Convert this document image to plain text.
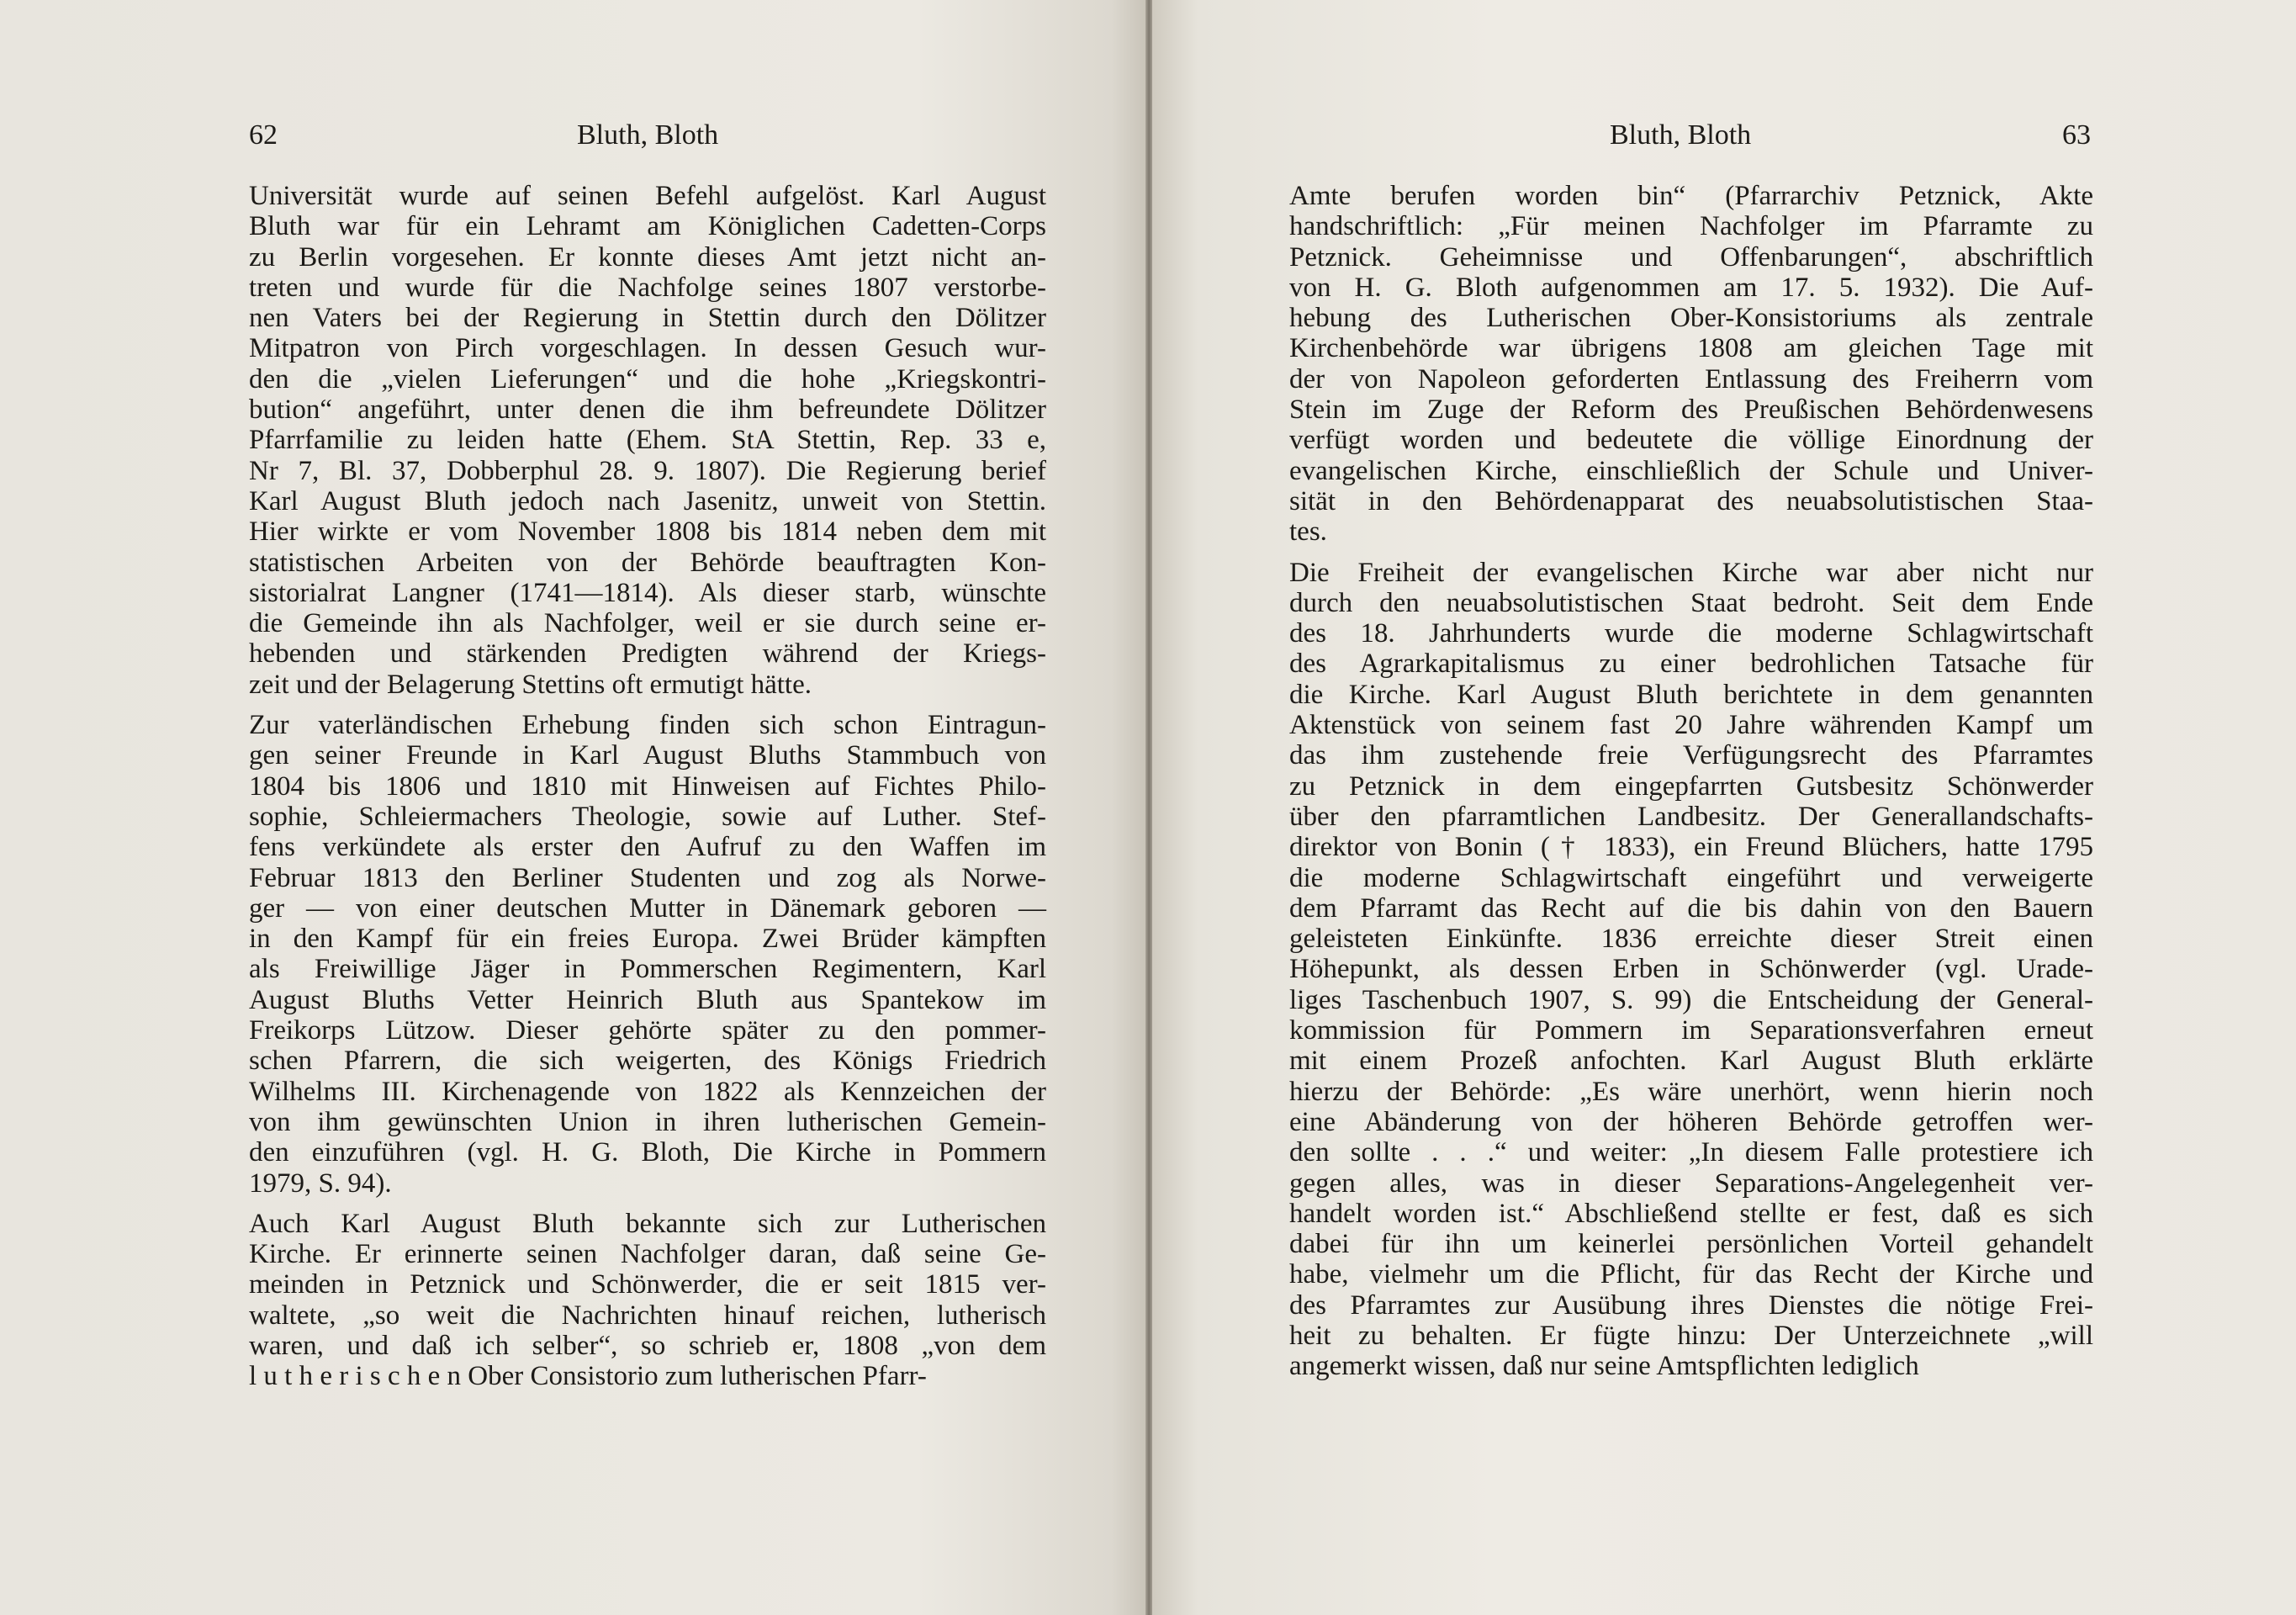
62	Bluth, Bloth
Universität wurde auf seinen Befehl aufgelöst. Karl August
Bluth war für ein Lehramt am Königlichen Cadetten-Corps
zu Berlin vorgesehen. Er konnte dieses Amt jetzt nicht an-
treten und wurde für die Nachfolge seines 1807 verstorbe-
nen Vaters bei der Regierung in Stettin durch den Dölitzer
Mitpatron von Pirch vorgeschlagen. In dessen Gesuch wur-
den die „vielen Lieferungen“ und die hohe „Kriegskontri-
bution“ angeführt, unter denen die ihm befreundete Dölitzer
Pfarrfamilie zu leiden hatte (Ehem. StA Stettin, Rep. 33 e,
Nr 7, Bl. 37, Dobberphul 28. 9. 1807). Die Regierung berief
Karl August Bluth jedoch nach Jasenitz, unweit von Stettin.
Hier wirkte er vom November 1808 bis 1814 neben dem mit
statistischen Arbeiten von der Behörde beauftragten Kon-
sistorialrat Langner (1741—1814). Als dieser starb, wünschte
die Gemeinde ihn als Nachfolger, weil er sie durch seine er-
hebenden und stärkenden Predigten während der Kriegs-
zeit und der Belagerung Stettins oft ermutigt hätte.
Zur vaterländischen Erhebung finden sich schon Eintragun-
gen seiner Freunde in Karl August Bluths Stammbuch von
1804 bis 1806 und 1810 mit Hinweisen auf Fichtes Philo-
sophie, Schleiermachers Theologie, sowie auf Luther. Stef-
fens verkündete als erster den Aufruf zu den Waffen im
Februar 1813 den Berliner Studenten und zog als Norwe-
ger — von einer deutschen Mutter in Dänemark geboren —
in den Kampf für ein freies Europa. Zwei Brüder kämpften
als Freiwillige Jäger in Pommerschen Regimentern, Karl
August Bluths Vetter Heinrich Bluth aus Spantekow im
Freikorps Lützow. Dieser gehörte später zu den pommer-
schen Pfarrern, die sich weigerten, des Königs Friedrich
Wilhelms III. Kirchenagende von 1822 als Kennzeichen der
von ihm gewünschten Union in ihren lutherischen Gemein-
den einzuführen (vgl. H. G. Bloth, Die Kirche in Pommern
1979, S. 94).
Auch Karl August Bluth bekannte sich zur Lutherischen
Kirche. Er erinnerte seinen Nachfolger daran, daß seine Ge-
meinden in Petznick und Schönwerder, die er seit 1815 ver-
waltete, „so weit die Nachrichten hinauf reichen, lutherisch
waren, und daß ich selber“, so schrieb er, 1808 „von dem
l u t h e r i s c h e n Ober Consistorio zum lutherischen Pfarr-
Bluth, Bloth	63
Amte berufen worden bin“ (Pfarrarchiv Petznick, Akte
handschriftlich: „Für meinen Nachfolger im Pfarramte zu
Petznick. Geheimnisse und Offenbarungen“, abschriftlich
von H. G. Bloth aufgenommen am 17. 5. 1932). Die Auf-
hebung des Lutherischen Ober-Konsistoriums als zentrale
Kirchenbehörde war übrigens 1808 am gleichen Tage mit
der von Napoleon geforderten Entlassung des Freiherrn vom
Stein im Zuge der Reform des Preußischen Behördenwesens
verfügt worden und bedeutete die völlige Einordnung der
evangelischen Kirche, einschließlich der Schule und Univer-
sität in den Behördenapparat des neuabsolutistischen Staa-
tes.
Die Freiheit der evangelischen Kirche war aber nicht nur
durch den neuabsolutistischen Staat bedroht. Seit dem Ende
des 18. Jahrhunderts wurde die moderne Schlagwirtschaft
des Agrarkapitalismus zu einer bedrohlichen Tatsache für
die Kirche. Karl August Bluth berichtete in dem genannten
Aktenstück von seinem fast 20 Jahre währenden Kampf um
das ihm zustehende freie Verfügungsrecht des Pfarramtes
zu Petznick in dem eingepfarrten Gutsbesitz Schönwerder
über den pfarramtlichen Landbesitz. Der Generallandschafts-
direktor von Bonin († 1833), ein Freund Blüchers, hatte 1795
die moderne Schlagwirtschaft eingeführt und verweigerte
dem Pfarramt das Recht auf die bis dahin von den Bauern
geleisteten Einkünfte. 1836 erreichte dieser Streit einen
Höhepunkt, als dessen Erben in Schönwerder (vgl. Urade-
liges Taschenbuch 1907, S. 99) die Entscheidung der General-
kommission für Pommern im Separationsverfahren erneut
mit einem Prozeß anfochten. Karl August Bluth erklärte
hierzu der Behörde: „Es wäre unerhört, wenn hierin noch
eine Abänderung von der höheren Behörde getroffen wer-
den sollte . . .“ und weiter: „In diesem Falle protestiere ich
gegen alles, was in dieser Separations-Angelegenheit ver-
handelt worden ist.“ Abschließend stellte er fest, daß es sich
dabei für ihn um keinerlei persönlichen Vorteil gehandelt
habe, vielmehr um die Pflicht, für das Recht der Kirche und
des Pfarramtes zur Ausübung ihres Dienstes die nötige Frei-
heit zu behalten. Er fügte hinzu: Der Unterzeichnete „will
angemerkt wissen, daß nur seine Amtspflichten lediglich
